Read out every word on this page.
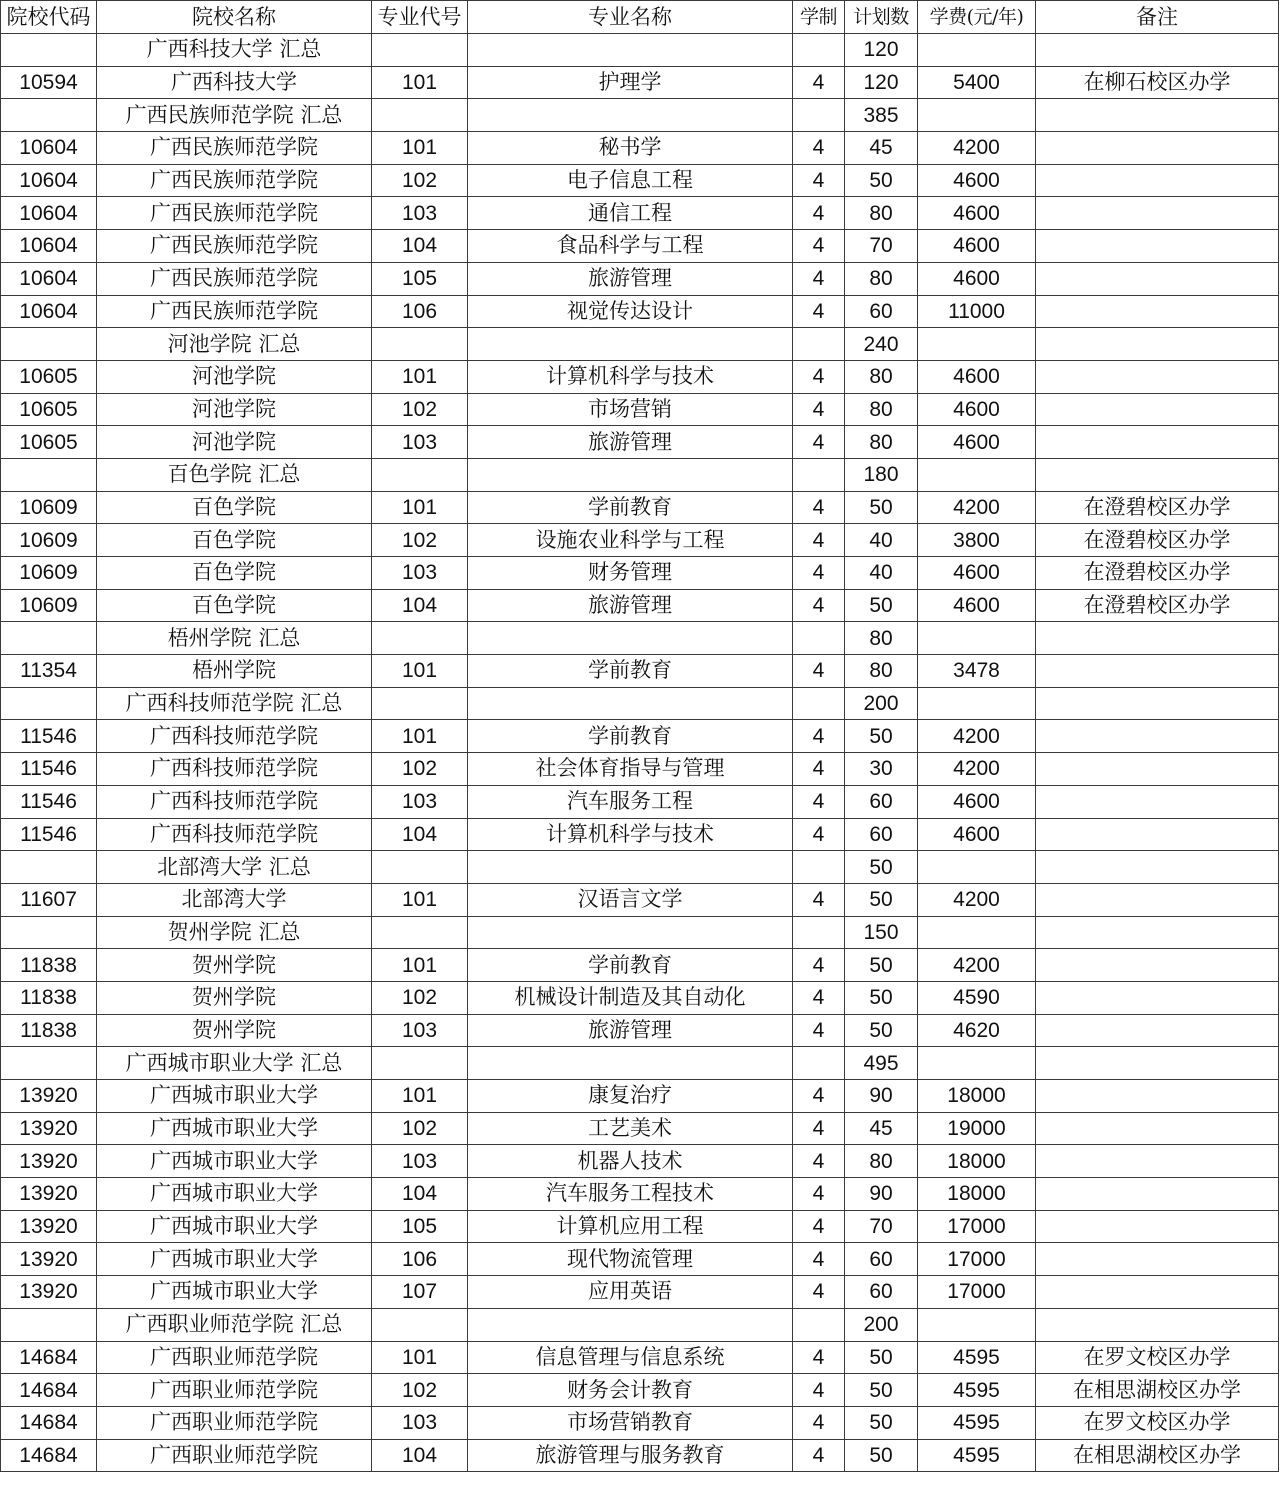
院校代码	院校名称	专业代号	专业名称	学制	计划数	学费(元/年)	备注
	广西科技大学 汇总				120		
10594	广西科技大学	101	护理学	4	120	5400	在柳石校区办学
	广西民族师范学院 汇总				385		
10604	广西民族师范学院	101	秘书学	4	45	4200	
10604	广西民族师范学院	102	电子信息工程	4	50	4600	
10604	广西民族师范学院	103	通信工程	4	80	4600	
10604	广西民族师范学院	104	食品科学与工程	4	70	4600	
10604	广西民族师范学院	105	旅游管理	4	80	4600	
10604	广西民族师范学院	106	视觉传达设计	4	60	11000	
	河池学院 汇总				240		
10605	河池学院	101	计算机科学与技术	4	80	4600	
10605	河池学院	102	市场营销	4	80	4600	
10605	河池学院	103	旅游管理	4	80	4600	
	百色学院 汇总				180		
10609	百色学院	101	学前教育	4	50	4200	在澄碧校区办学
10609	百色学院	102	设施农业科学与工程	4	40	3800	在澄碧校区办学
10609	百色学院	103	财务管理	4	40	4600	在澄碧校区办学
10609	百色学院	104	旅游管理	4	50	4600	在澄碧校区办学
	梧州学院 汇总				80		
11354	梧州学院	101	学前教育	4	80	3478	
	广西科技师范学院 汇总				200		
11546	广西科技师范学院	101	学前教育	4	50	4200	
11546	广西科技师范学院	102	社会体育指导与管理	4	30	4200	
11546	广西科技师范学院	103	汽车服务工程	4	60	4600	
11546	广西科技师范学院	104	计算机科学与技术	4	60	4600	
	北部湾大学 汇总				50		
11607	北部湾大学	101	汉语言文学	4	50	4200	
	贺州学院 汇总				150		
11838	贺州学院	101	学前教育	4	50	4200	
11838	贺州学院	102	机械设计制造及其自动化	4	50	4590	
11838	贺州学院	103	旅游管理	4	50	4620	
	广西城市职业大学 汇总				495		
13920	广西城市职业大学	101	康复治疗	4	90	18000	
13920	广西城市职业大学	102	工艺美术	4	45	19000	
13920	广西城市职业大学	103	机器人技术	4	80	18000	
13920	广西城市职业大学	104	汽车服务工程技术	4	90	18000	
13920	广西城市职业大学	105	计算机应用工程	4	70	17000	
13920	广西城市职业大学	106	现代物流管理	4	60	17000	
13920	广西城市职业大学	107	应用英语	4	60	17000	
	广西职业师范学院 汇总				200		
14684	广西职业师范学院	101	信息管理与信息系统	4	50	4595	在罗文校区办学
14684	广西职业师范学院	102	财务会计教育	4	50	4595	在相思湖校区办学
14684	广西职业师范学院	103	市场营销教育	4	50	4595	在罗文校区办学
14684	广西职业师范学院	104	旅游管理与服务教育	4	50	4595	在相思湖校区办学
